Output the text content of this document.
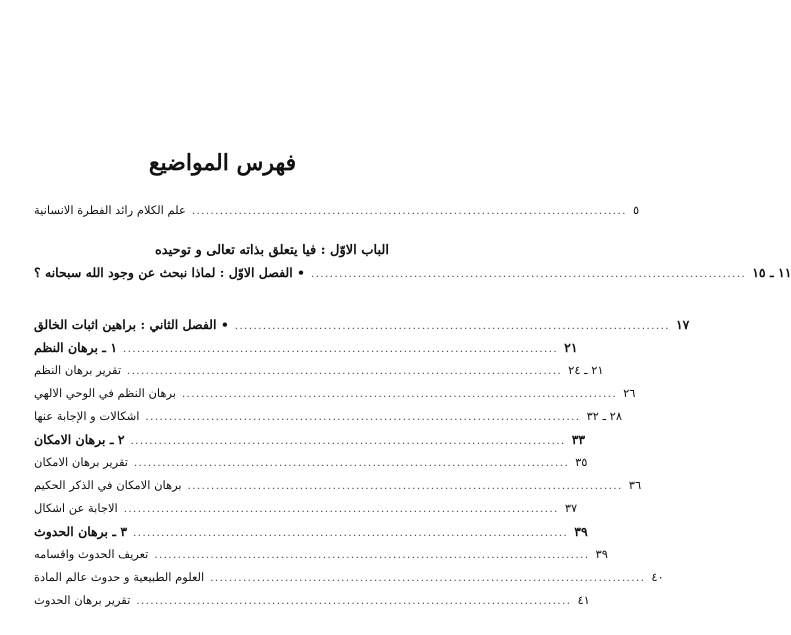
فهرس المواضيع
علم الكلام رائد الفطرة الانسانية ............................................................................................. ٥
الباب الاوّل : فيا يتعلق بذاته تعالى و توحيده
• الفصل الاوّل : لماذا نبحث عن وجود الله سبحانه ؟ ............................................................................................. ١١ ـ ١٥
• الفصل الثاني : براهين اثبات الخالق ............................................................................................. ١٧
١ ـ برهان النظم ............................................................................................. ٢١
تقرير برهان النظم ............................................................................................. ٢١ ـ ٢٤
برهان النظم في الوحي الالهي ............................................................................................. ٢٦
اشكالات و الإجابة عنها ............................................................................................. ٢٨ ـ ٣٢
٢ ـ برهان الامكان ............................................................................................. ٣٣
تقرير برهان الامكان ............................................................................................. ٣٥
برهان الامكان في الذكر الحكيم ............................................................................................. ٣٦
الاجابة عن اشكال ............................................................................................. ٣٧
٣ ـ برهان الحدوث ............................................................................................. ٣٩
تعريف الحدوث واقسامه ............................................................................................. ٣٩
العلوم الطبيعية و حدوث عالم المادة ............................................................................................. ٤٠
تقرير برهان الحدوث ............................................................................................. ٤١
